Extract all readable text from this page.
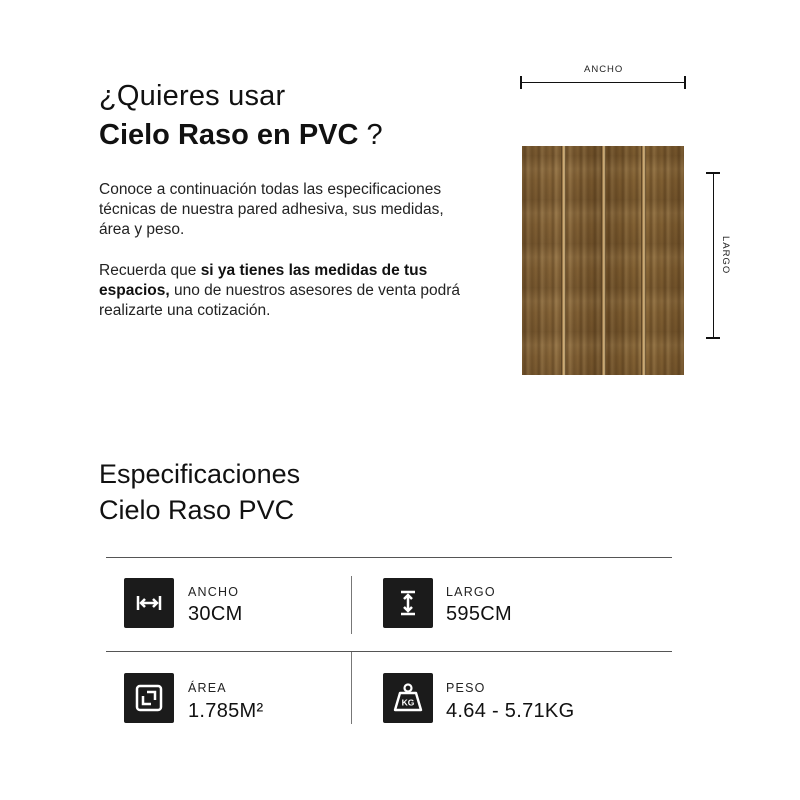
¿Quieres usar
Cielo Raso en PVC ?

Conoce a continuación todas las especificaciones técnicas de nuestra pared adhesiva, sus medidas, área y peso.

Recuerda que si ya tienes las medidas de tus espacios, uno de nuestros asesores de venta podrá realizarte una cotización.

ANCHO
LARGO
Especificaciones
Cielo Raso PVC
ANCHO
30CM
LARGO
595CM
ÁREA
1.785M²	KG
PESO
4.64 - 5.71KG
